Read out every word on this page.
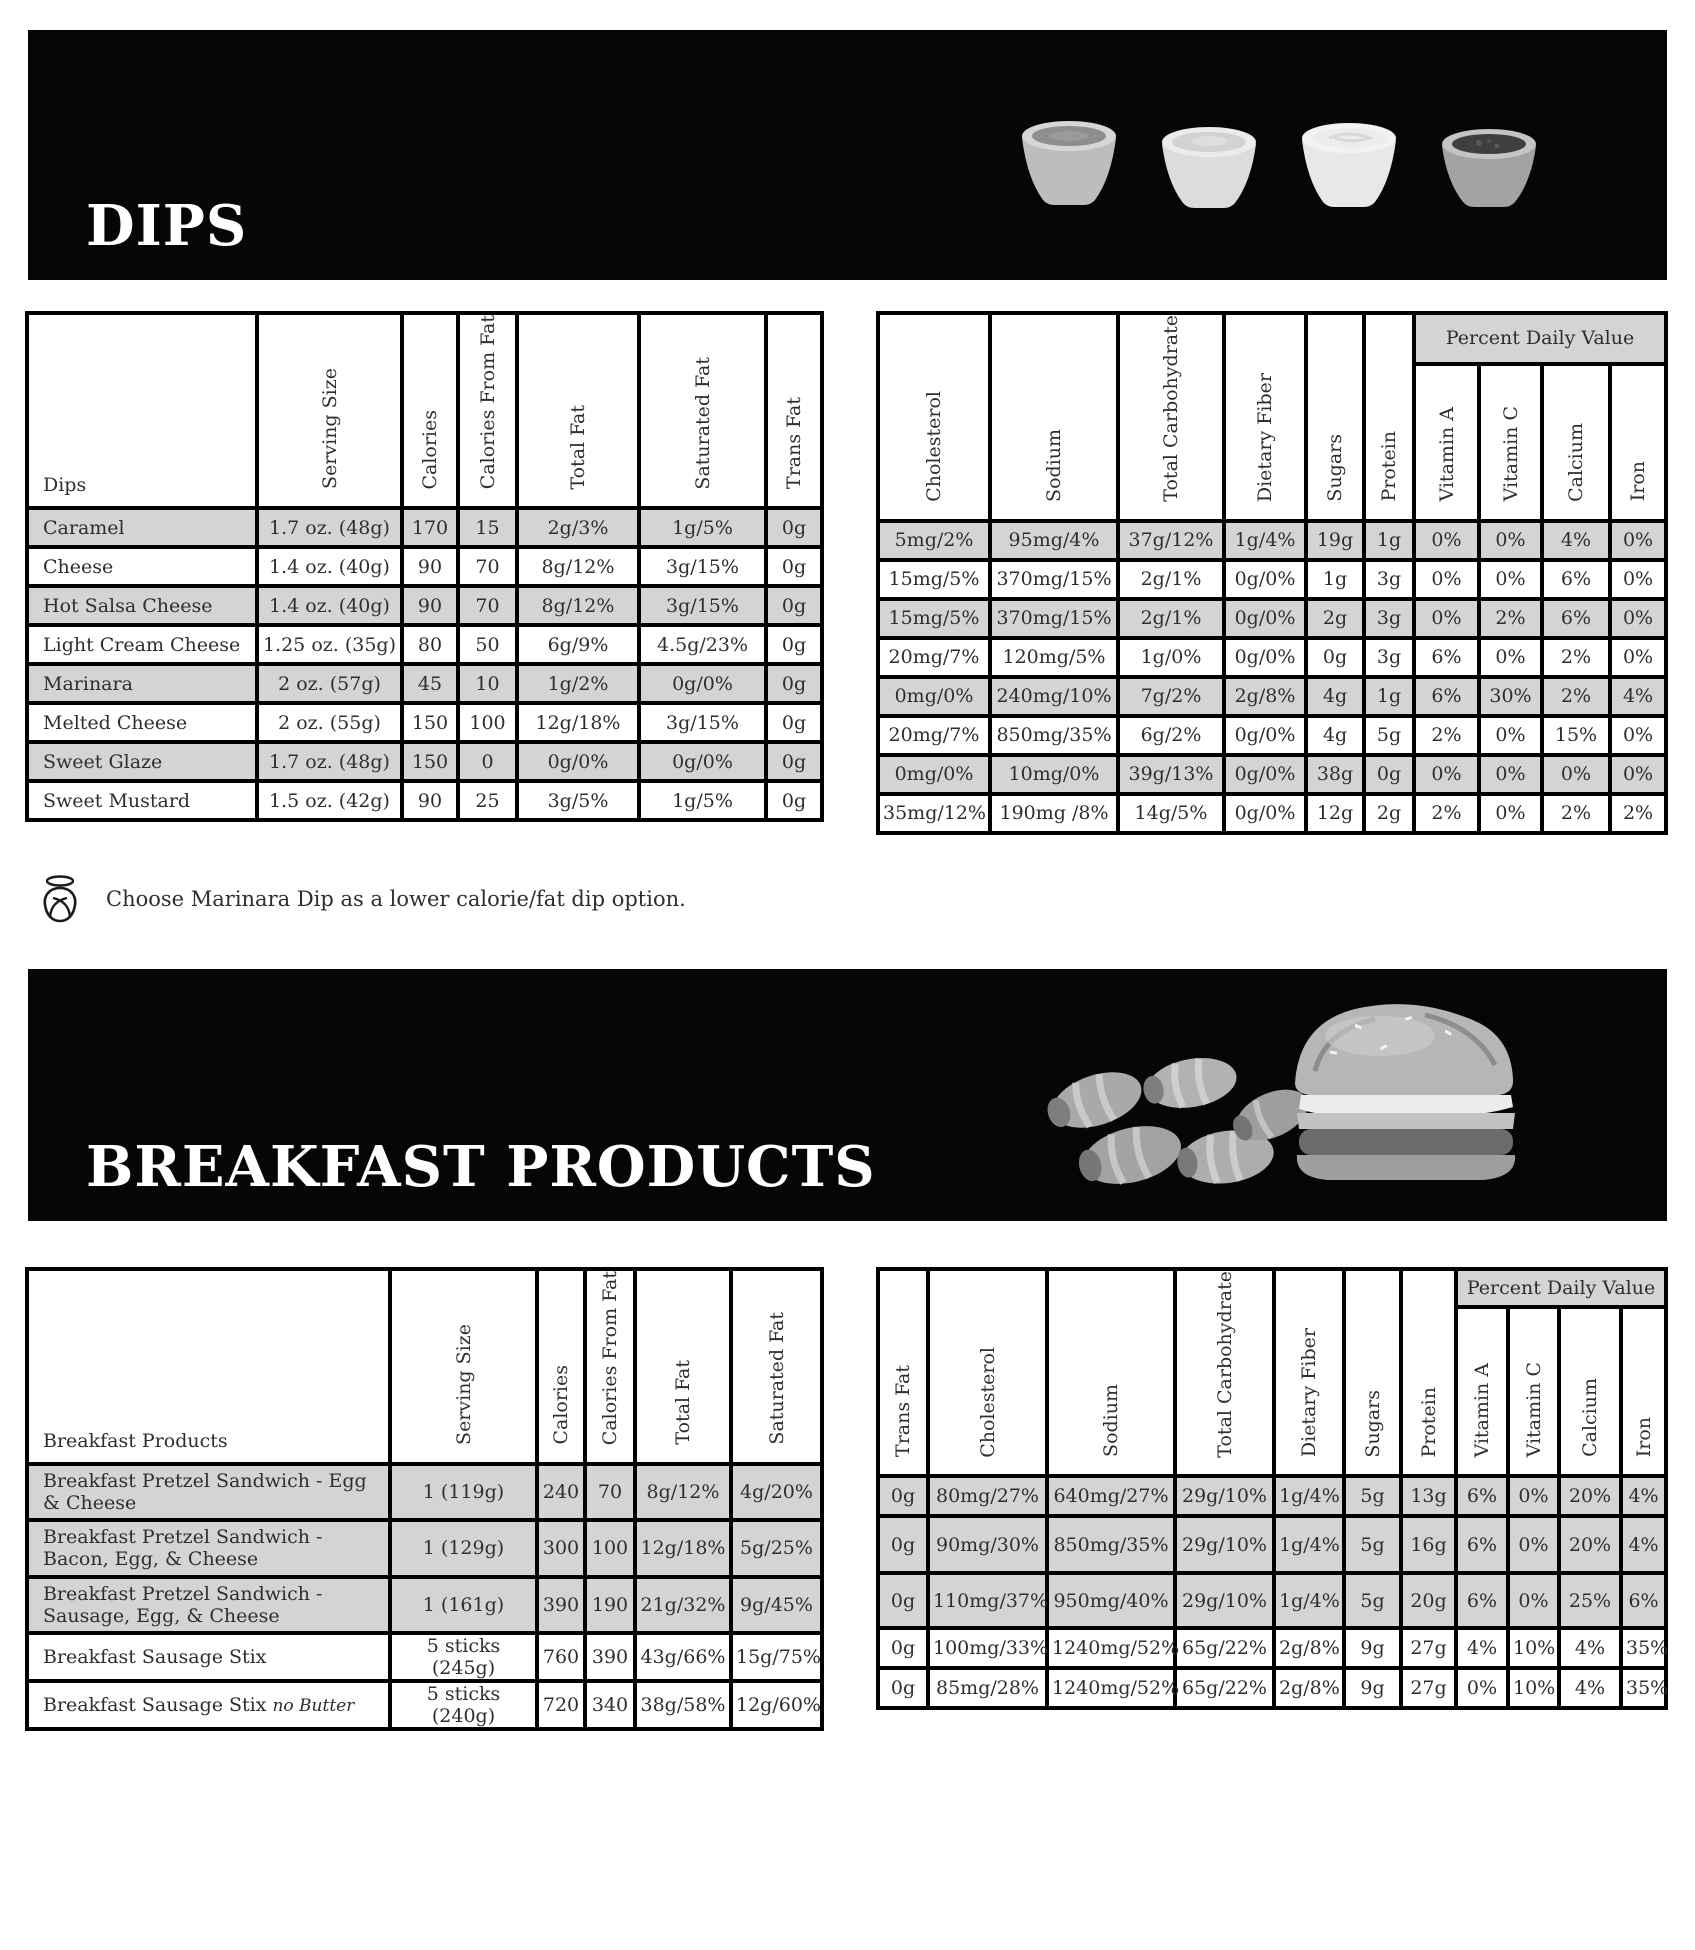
DIPS
Dips	Serving Size	Calories	Calories From Fat	Total Fat	Saturated Fat	Trans Fat
Caramel	1.7 oz. (48g)	170	15	2g/3%	1g/5%	0g
Cheese	1.4 oz. (40g)	90	70	8g/12%	3g/15%	0g
Hot Salsa Cheese	1.4 oz. (40g)	90	70	8g/12%	3g/15%	0g
Light Cream Cheese	1.25 oz. (35g)	80	50	6g/9%	4.5g/23%	0g
Marinara	2 oz. (57g)	45	10	1g/2%	0g/0%	0g
Melted Cheese	2 oz. (55g)	150	100	12g/18%	3g/15%	0g
Sweet Glaze	1.7 oz. (48g)	150	0	0g/0%	0g/0%	0g
Sweet Mustard	1.5 oz. (42g)	90	25	3g/5%	1g/5%	0g
Cholesterol	Sodium	Total Carbohydrate	Dietary Fiber	Sugars	Protein	Percent Daily Value			
						Vitamin A	Vitamin C	Calcium	Iron
5mg/2%	95mg/4%	37g/12%	1g/4%	19g	1g	0%	0%	4%	0%
15mg/5%	370mg/15%	2g/1%	0g/0%	1g	3g	0%	0%	6%	0%
15mg/5%	370mg/15%	2g/1%	0g/0%	2g	3g	0%	2%	6%	0%
20mg/7%	120mg/5%	1g/0%	0g/0%	0g	3g	6%	0%	2%	0%
0mg/0%	240mg/10%	7g/2%	2g/8%	4g	1g	6%	30%	2%	4%
20mg/7%	850mg/35%	6g/2%	0g/0%	4g	5g	2%	0%	15%	0%
0mg/0%	10mg/0%	39g/13%	0g/0%	38g	0g	0%	0%	0%	0%
35mg/12%	190mg /8%	14g/5%	0g/0%	12g	2g	2%	0%	2%	2%
Choose Marinara Dip as a lower calorie/fat dip option.
BREAKFAST PRODUCTS
Breakfast Products	Serving Size	Calories	Calories From Fat	Total Fat	Saturated Fat
Breakfast Pretzel Sandwich - Egg & Cheese	1 (119g)	240	70	8g/12%	4g/20%
Breakfast Pretzel Sandwich - Bacon, Egg, & Cheese	1 (129g)	300	100	12g/18%	5g/25%
Breakfast Pretzel Sandwich - Sausage, Egg, & Cheese	1 (161g)	390	190	21g/32%	9g/45%
Breakfast Sausage Stix	5 sticks (245g)	760	390	43g/66%	15g/75%
Breakfast Sausage Stix no Butter	5 sticks (240g)	720	340	38g/58%	12g/60%
Trans Fat	Cholesterol	Sodium	Total Carbohydrate	Dietary Fiber	Sugars	Protein	Percent Daily Value			
							Vitamin A	Vitamin C	Calcium	Iron
0g	80mg/27%	640mg/27%	29g/10%	1g/4%	5g	13g	6%	0%	20%	4%
0g	90mg/30%	850mg/35%	29g/10%	1g/4%	5g	16g	6%	0%	20%	4%
0g	110mg/37%	950mg/40%	29g/10%	1g/4%	5g	20g	6%	0%	25%	6%
0g	100mg/33%	1240mg/52%	65g/22%	2g/8%	9g	27g	4%	10%	4%	35%
0g	85mg/28%	1240mg/52%	65g/22%	2g/8%	9g	27g	0%	10%	4%	35%
